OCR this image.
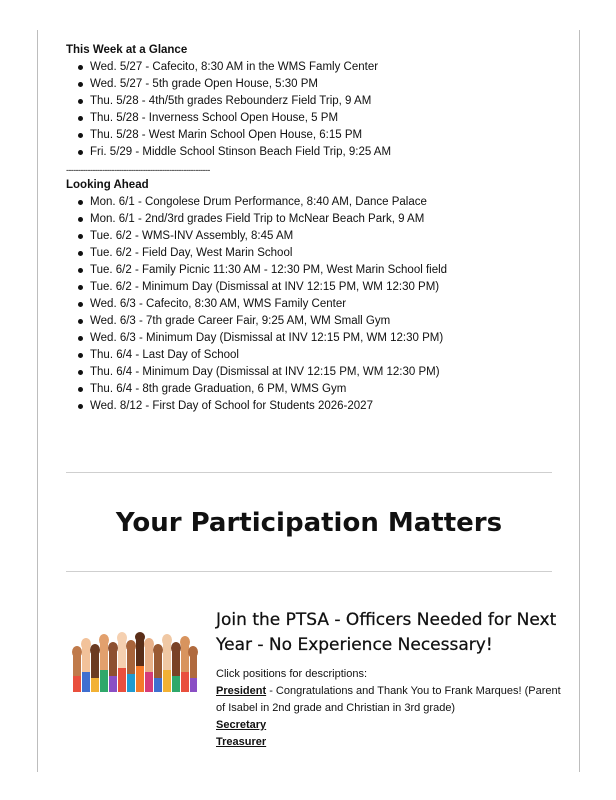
This Week at a Glance
Wed. 5/27 - Cafecito, 8:30 AM in the WMS Famly Center
Wed. 5/27 - 5th grade Open House, 5:30 PM
Thu. 5/28 - 4th/5th grades Rebounderz Field Trip, 9 AM
Thu. 5/28 - Inverness School Open House, 5 PM
Thu. 5/28 - West Marin School Open House, 6:15 PM
Fri. 5/29 - Middle School Stinson Beach Field Trip, 9:25 AM
------------------------------------------------------------
Looking Ahead
Mon. 6/1 - Congolese Drum Performance, 8:40 AM, Dance Palace
Mon. 6/1 - 2nd/3rd grades Field Trip to McNear Beach Park, 9 AM
Tue. 6/2 - WMS-INV Assembly, 8:45 AM
Tue. 6/2 - Field Day, West Marin School
Tue. 6/2 - Family Picnic 11:30 AM - 12:30 PM, West Marin School field
Tue. 6/2 - Minimum Day (Dismissal at INV 12:15 PM, WM 12:30 PM)
Wed. 6/3 - Cafecito, 8:30 AM, WMS Family Center
Wed. 6/3 - 7th grade Career Fair, 9:25 AM, WM Small Gym
Wed. 6/3 - Minimum Day (Dismissal at INV 12:15 PM, WM 12:30 PM)
Thu. 6/4 - Last Day of School
Thu. 6/4 - Minimum Day (Dismissal at INV 12:15 PM, WM 12:30 PM)
Thu. 6/4 - 8th grade Graduation, 6 PM, WMS Gym
Wed. 8/12 - First Day of School for Students 2026-2027
Your Participation Matters
Join the PTSA - Officers Needed for Next Year - No Experience Necessary!

Click positions for descriptions:

President - Congratulations and Thank You to Frank Marques! (Parent of Isabel in 2nd grade and Christian in 3rd grade)

Secretary

Treasurer
